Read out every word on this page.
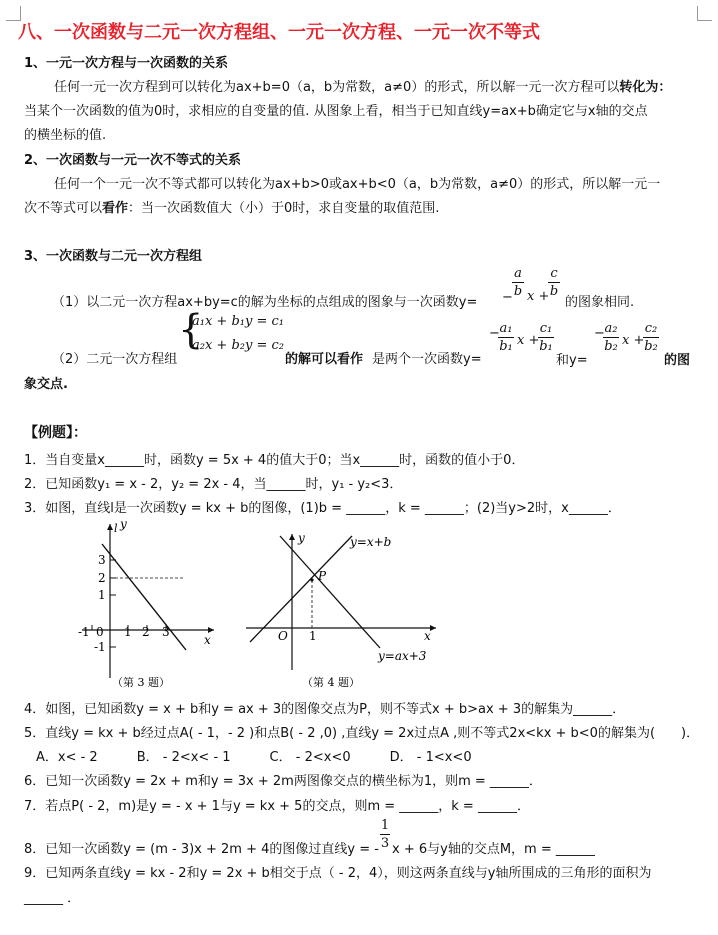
八、一次函数与二元一次方程组、一元一次方程、一元一次不等式
1、一元一次方程与一次函数的关系
任何一元一次方程到可以转化为ax+b=0（a，b为常数，a≠0）的形式，所以解一元一次方程可以转化为：
当某个一次函数的值为0时，求相应的自变量的值. 从图象上看，相当于已知直线y=ax+b确定它与x轴的交点
的横坐标的值.
2、一次函数与一元一次不等式的关系
任何一个一元一次不等式都可以转化为ax+b>0或ax+b<0（a，b为常数，a≠0）的形式，所以解一元一
次不等式可以看作：当一次函数值大（小）于0时，求自变量的取值范围.
3、一次函数与二元一次方程组
（1）以二元一次方程ax+by=c的解为坐标的点组成的图象与一次函数y= −
a
b x +
c
b
的图象相同.
（2）二元一次方程组
{
a₁x + b₁y = c₁
a₂x + b₂y = c₂
的解可以看作 是两个一次函数y=
− a₁
b₁ x +
c₁
b₁
和y=
− a₂
b₂ x +
c₂
b₂
的图
象交点.
【例题】：
1．当自变量x______时，函数y = 5x + 4的值大于0；当x______时，函数的值小于0．
2．已知函数y₁ = x - 2，y₂ = 2x - 4，当______时，y₁ - y₂<3．
3．如图，直线l是一次函数y = kx + b的图像，(1)b = ______，k = ______；(2)当y>2时，x______．
y
x
l
3
2
1
-1
-1 0 1 2 3
（第 3 题）
y
x
O 1
P
y=x+b
y=ax+3
（第 4 题）
4．如图，已知函数y = x + b和y = ax + 3的图像交点为P，则不等式x + b>ax + 3的解集为______．
5．直线y = kx + b经过点A( - 1，- 2 )和点B( - 2 ,0) ,直线y = 2x过点A ,则不等式2x<kx + b<0的解集为(　　)．
A．x< - 2　　　B． - 2<x< - 1　　　C． - 2<x<0　　　D． - 1<x<0
6．已知一次函数y = 2x + m和y = 3x + 2m两图像交点的横坐标为1，则m = ______．
7．若点P( - 2，m)是y = - x + 1与y = kx + 5的交点，则m = ______，k = ______．
8．已知一次函数y = (m - 3)x + 2m + 4的图像过直线y = -
1
3 x + 6与y轴的交点M，m = ______
9．已知两条直线y = kx - 2和y = 2x + b相交于点（ - 2，4），则这两条直线与y轴所围成的三角形的面积为
______ ．
